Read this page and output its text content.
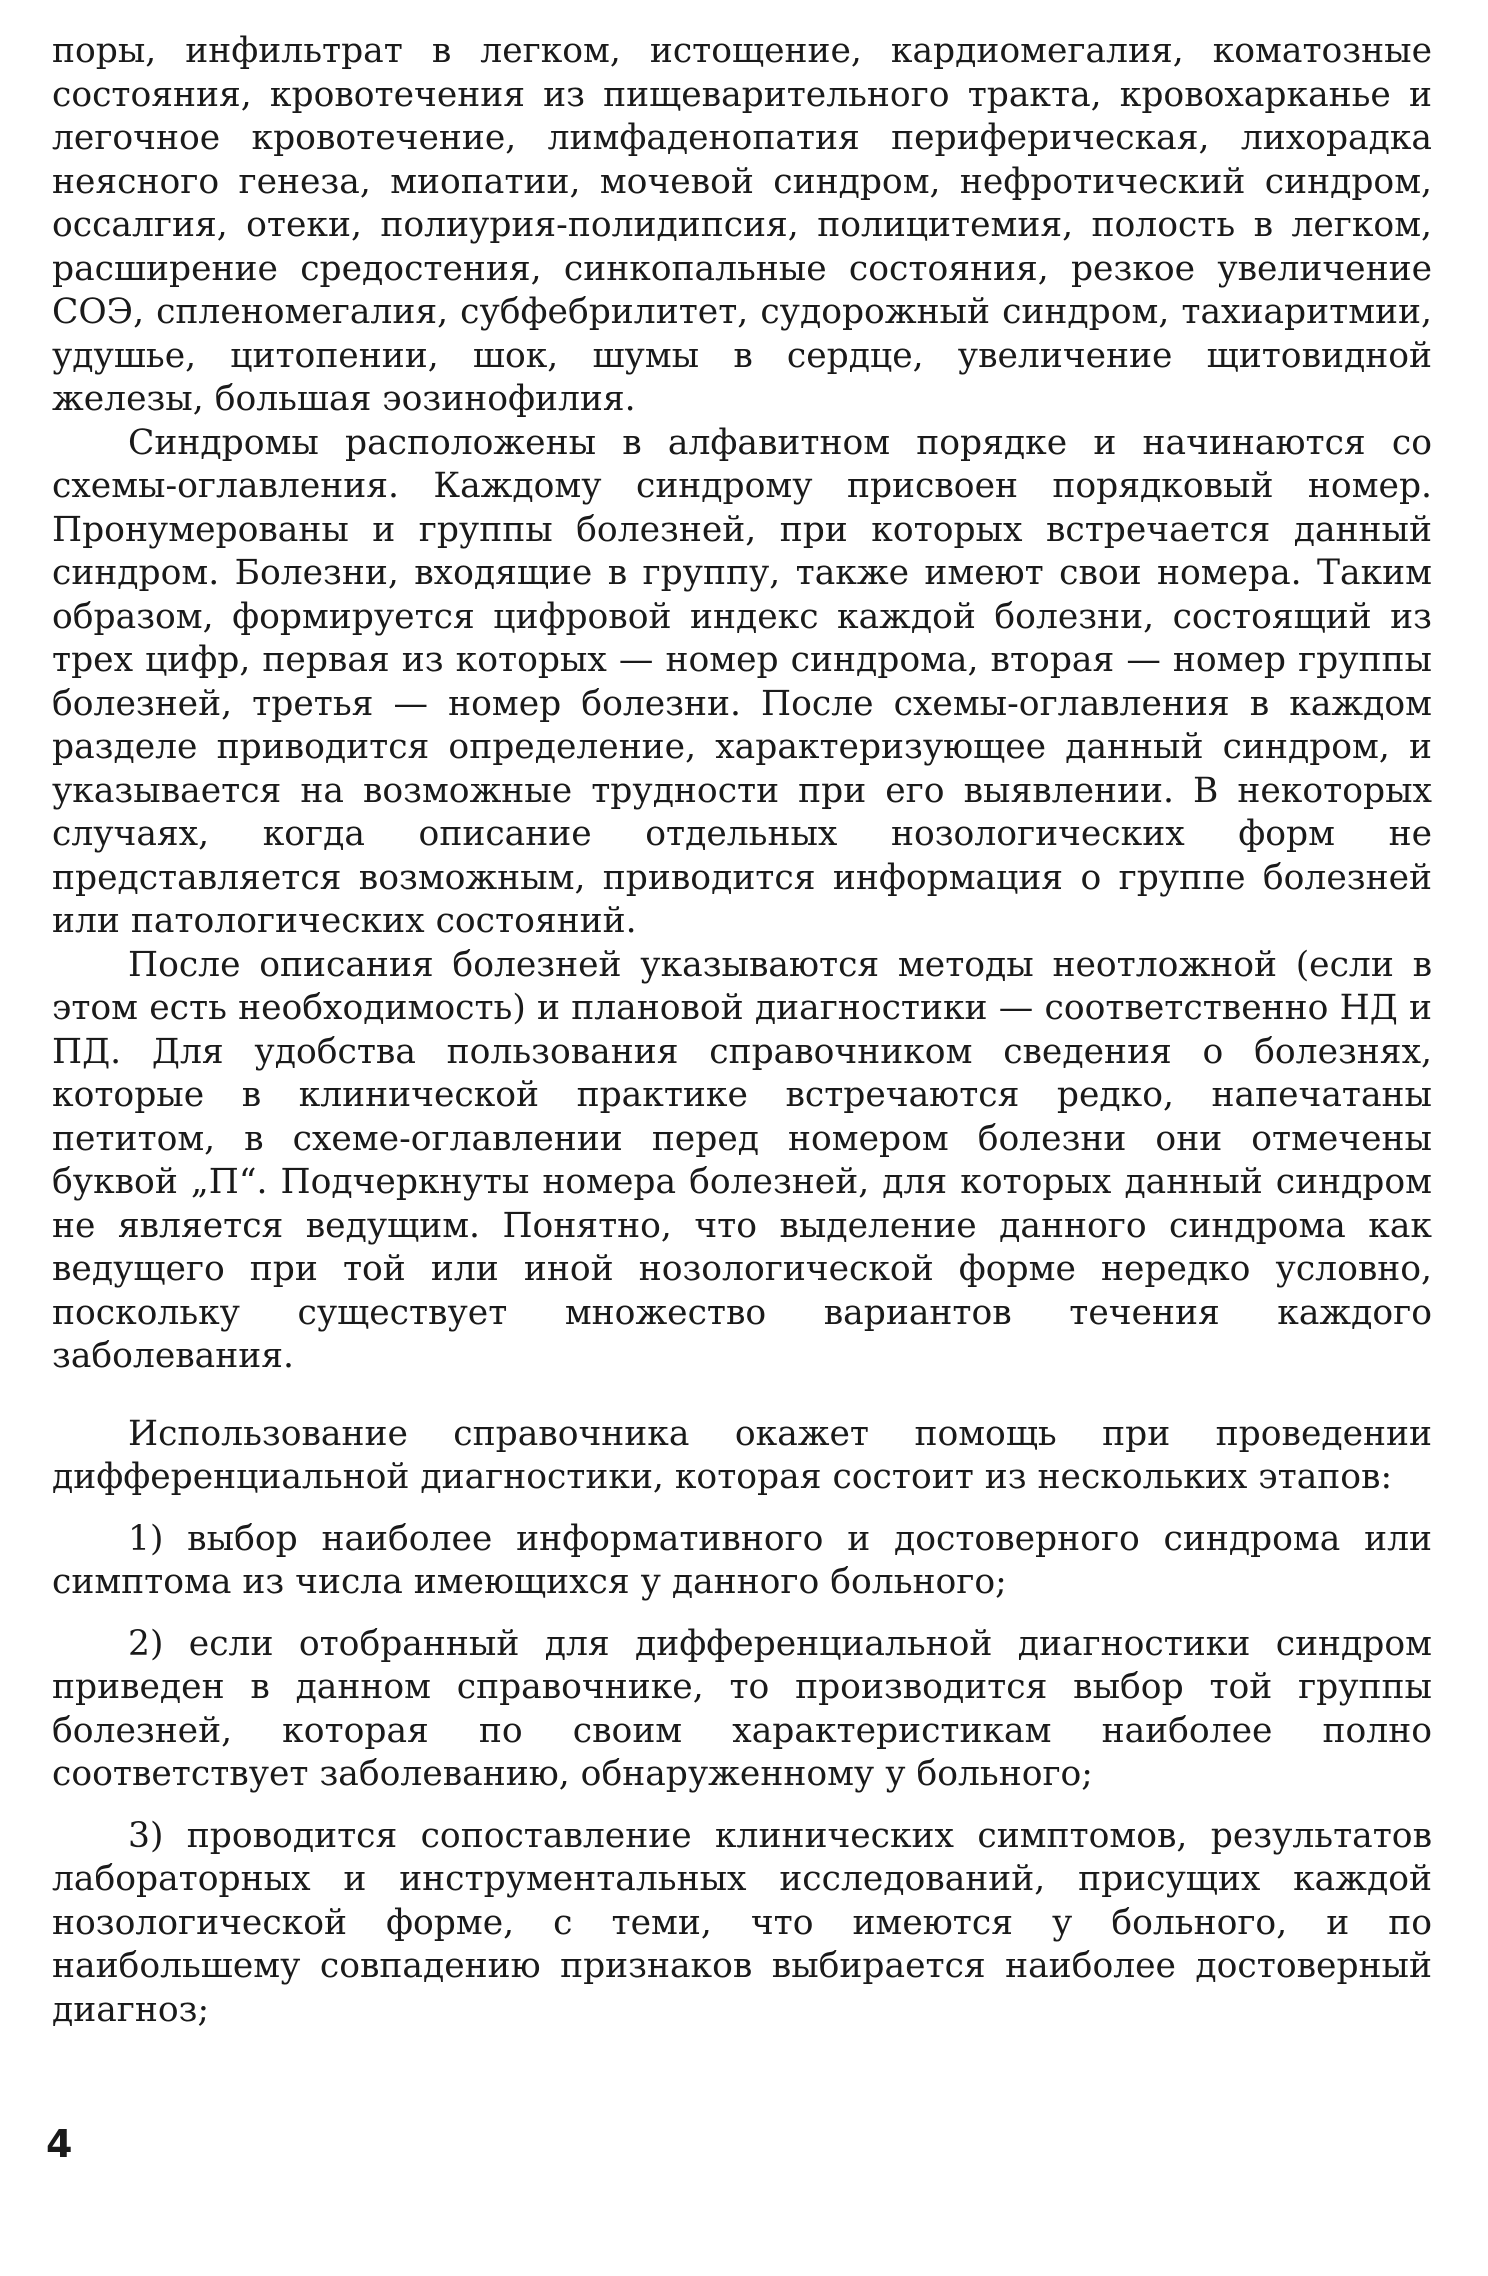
поры, инфильтрат в легком, истощение, кардиомегалия, коматозные состояния, кровотечения из пищеварительного тракта, кровохарканье и легочное кровотечение, лимфаденопатия периферическая, лихорадка неясного генеза, миопатии, мочевой синдром, нефротический синдром, оссалгия, отеки, полиурия-полидипсия, полицитемия, полость в легком, расширение средостения, синкопальные состояния, резкое увеличение СОЭ, спленомегалия, субфебрилитет, судорожный синдром, тахиаритмии, удушье, цитопении, шок, шумы в сердце, увеличение щитовидной железы, большая эозинофилия.

Синдромы расположены в алфавитном порядке и начинаются со схемы-оглавления. Каждому синдрому присвоен порядковый номер. Пронумерованы и группы болезней, при которых встречается данный синдром. Болезни, входящие в группу, также имеют свои номера. Таким образом, формируется цифровой индекс каждой болезни, состоящий из трех цифр, первая из которых — номер синдрома, вторая — номер группы болезней, третья — номер болезни. После схемы-оглавления в каждом разделе приводится определение, характеризующее данный синдром, и указывается на возможные трудности при его выявлении. В некоторых случаях, когда описание отдельных нозологических форм не представляется возможным, приводится информация о группе болезней или патологических состояний.

После описания болезней указываются методы неотложной (если в этом есть необходимость) и плановой диагностики — соответственно НД и ПД. Для удобства пользования справочником сведения о болезнях, которые в клинической практике встречаются редко, напечатаны петитом, в схеме-оглавлении перед номером болезни они отмечены буквой „П“. Подчеркнуты номера болезней, для которых данный синдром не является ведущим. Понятно, что выделение данного синдрома как ведущего при той или иной нозологической форме нередко условно, поскольку существует множество вариантов течения каждого заболевания.

Использование справочника окажет помощь при проведении дифференциальной диагностики, которая состоит из нескольких этапов:

1) выбор наиболее информативного и достоверного синдрома или симптома из числа имеющихся у данного больного;

2) если отобранный для дифференциальной диагностики синдром приведен в данном справочнике, то производится выбор той группы болезней, которая по своим характеристикам наиболее полно соответствует заболеванию, обнаруженному у больного;

3) проводится сопоставление клинических симптомов, результатов лабораторных и инструментальных исследований, присущих каждой нозологической форме, с теми, что имеются у больного, и по наибольшему совпадению признаков выбирается наиболее достоверный диагноз;

4
